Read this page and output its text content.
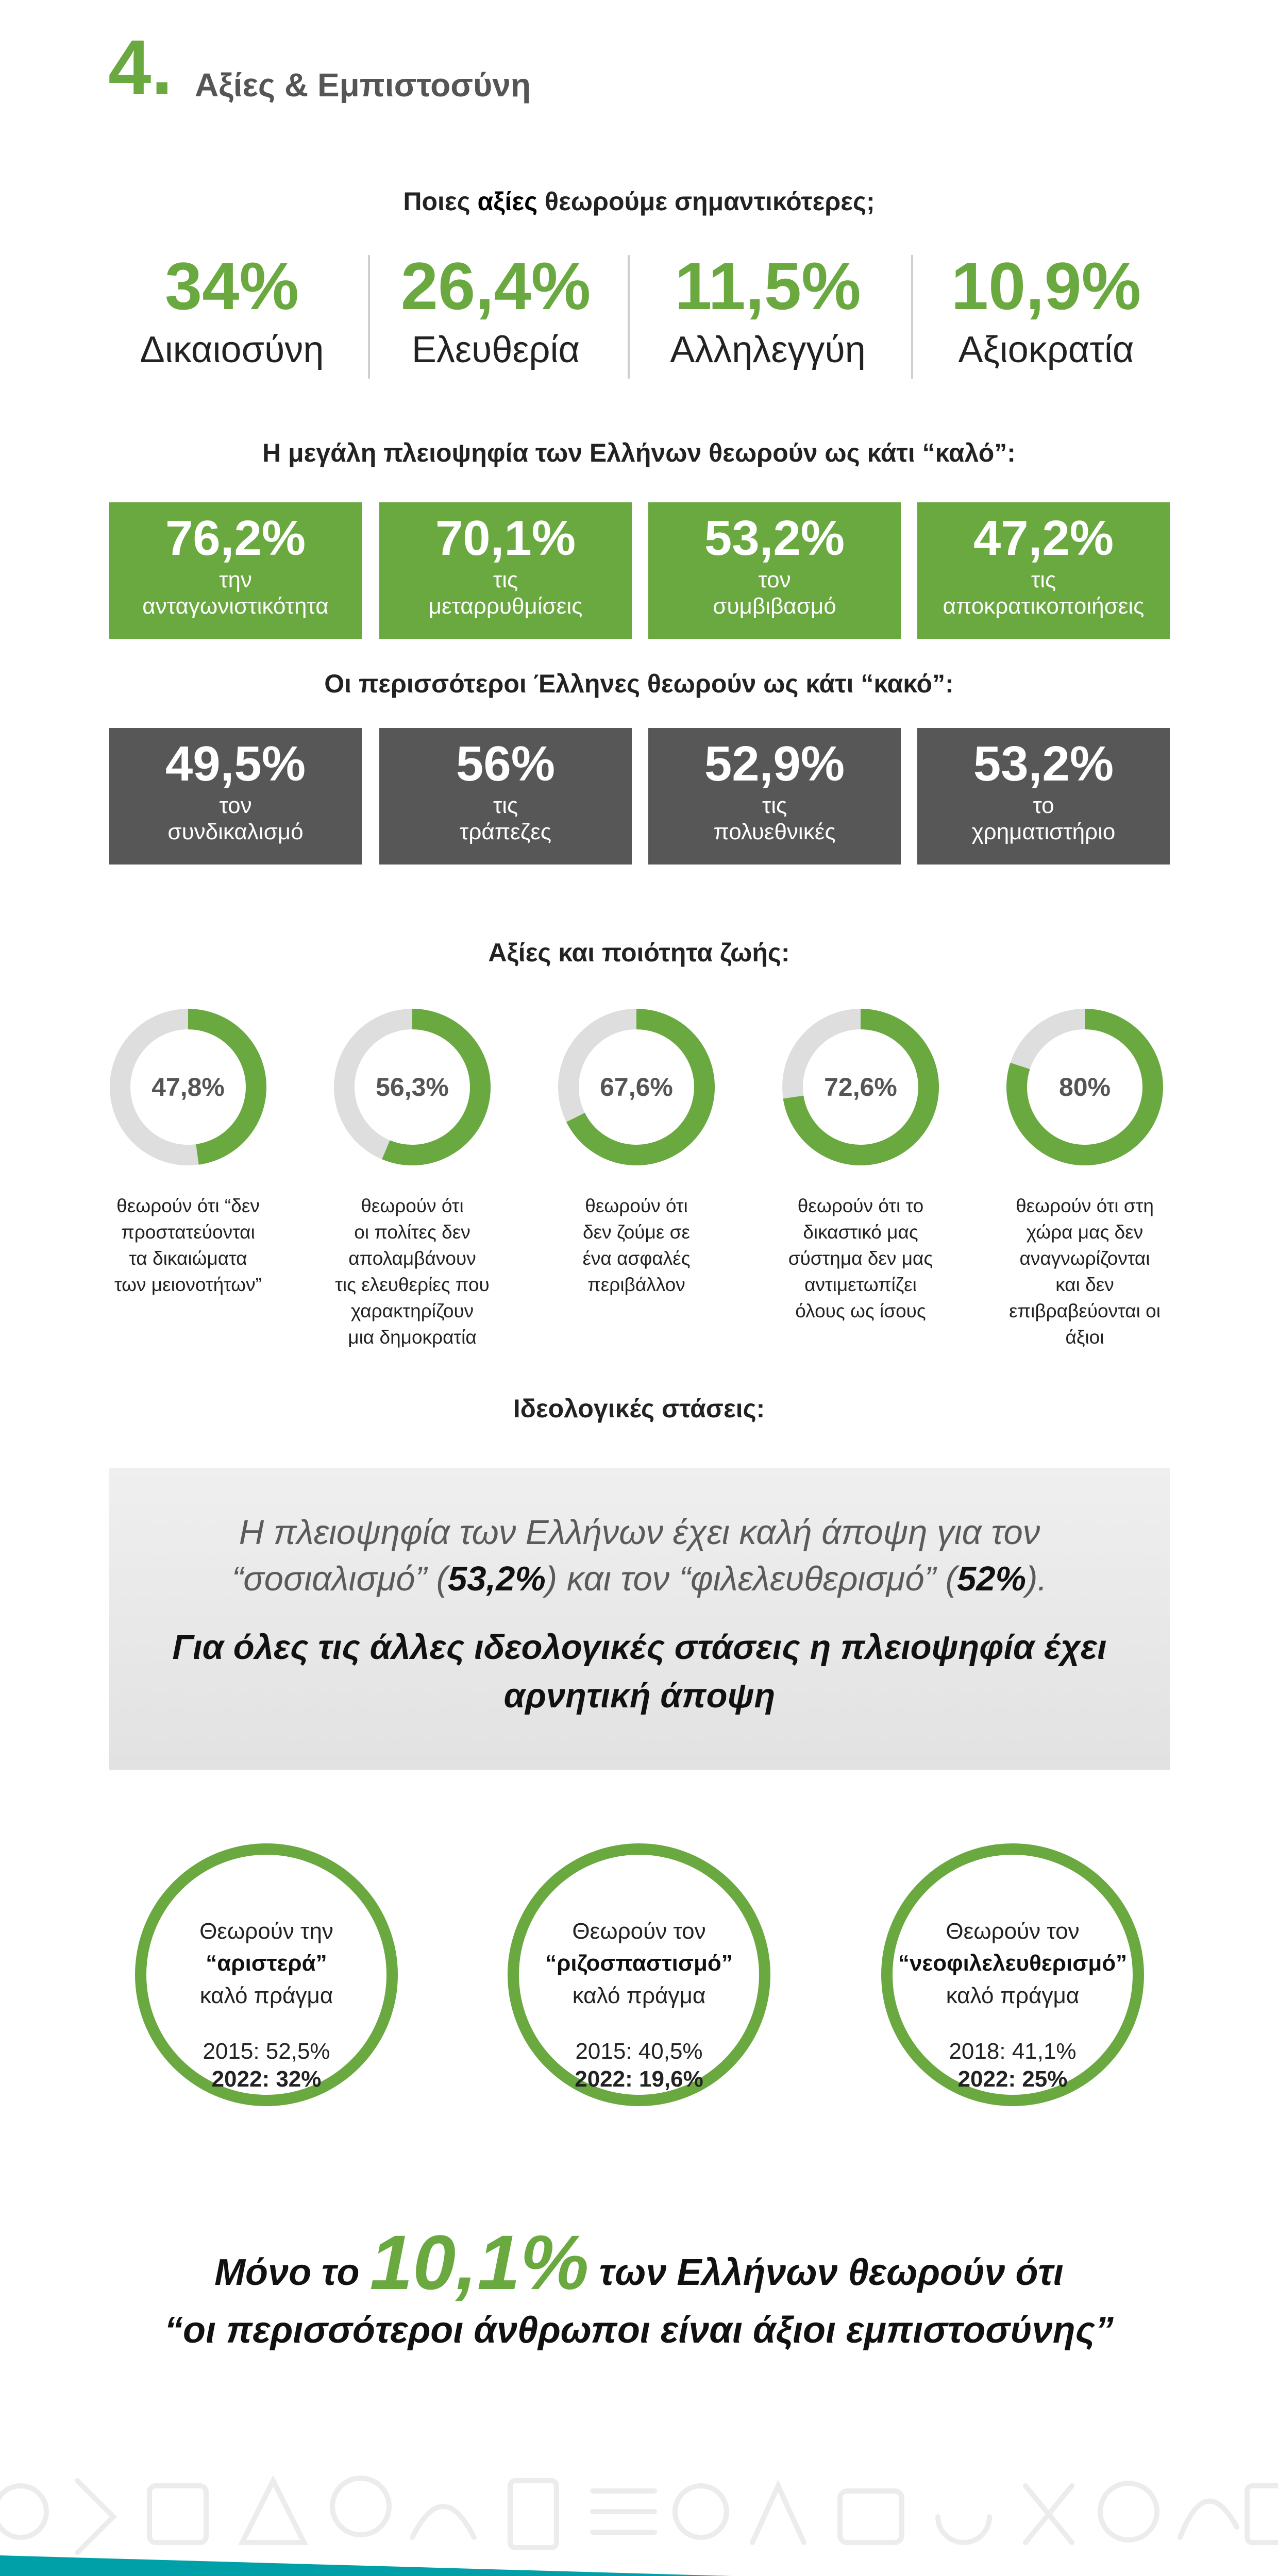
4. Αξίες & Εμπιστοσύνη
Ποιες αξίες θεωρούμε σημαντικότερες;
34%
Δικαιοσύνη
26,4%
Ελευθερία
11,5%
Αλληλεγγύη
10,9%
Αξιοκρατία
Η μεγάλη πλειοψηφία των Ελλήνων θεωρούν ως κάτι “καλό”:
76,2%
την
ανταγωνιστικότητα
70,1%
τις
μεταρρυθμίσεις
53,2%
τον
συμβιβασμό
47,2%
τις
αποκρατικοποιήσεις
Οι περισσότεροι Έλληνες θεωρούν ως κάτι “κακό”:
49,5%
τον
συνδικαλισμό
56%
τις
τράπεζες
52,9%
τις
πολυεθνικές
53,2%
το
χρηματιστήριο
Αξίες και ποιότητα ζωής:
47,8%
θεωρούν ότι “δεν
προστατεύονται
τα δικαιώματα
των μειονοτήτων”
56,3%
θεωρούν ότι
οι πολίτες δεν
απολαμβάνουν
τις ελευθερίες που
χαρακτηρίζουν
μια δημοκρατία
67,6%
θεωρούν ότι
δεν ζούμε σε
ένα ασφαλές
περιβάλλον
72,6%
θεωρούν ότι το
δικαστικό μας
σύστημα δεν μας
αντιμετωπίζει
όλους ως ίσους
80%
θεωρούν ότι στη
χώρα μας δεν
αναγνωρίζονται
και δεν
επιβραβεύονται οι
άξιοι
Ιδεολογικές στάσεις:
Η πλειοψηφία των Ελλήνων έχει καλή άποψη για τον
“σοσιαλισμό” (53,2%) και τον “φιλελευθερισμό” (52%).
Για όλες τις άλλες ιδεολογικές στάσεις η πλειοψηφία έχει
αρνητική άποψη
Θεωρούν την
“αριστερά”
καλό πράγμα
2015: 52,5%
2022: 32%
Θεωρούν τον
“ριζοσπαστισμό”
καλό πράγμα
2015: 40,5%
2022: 19,6%
Θεωρούν τον
“νεοφιλελευθερισμό”
καλό πράγμα
2018: 41,1%
2022: 25%
Μόνο το 10,1% των Ελλήνων θεωρούν ότι
“οι περισσότεροι άνθρωποι είναι άξιοι εμπιστοσύνης”
